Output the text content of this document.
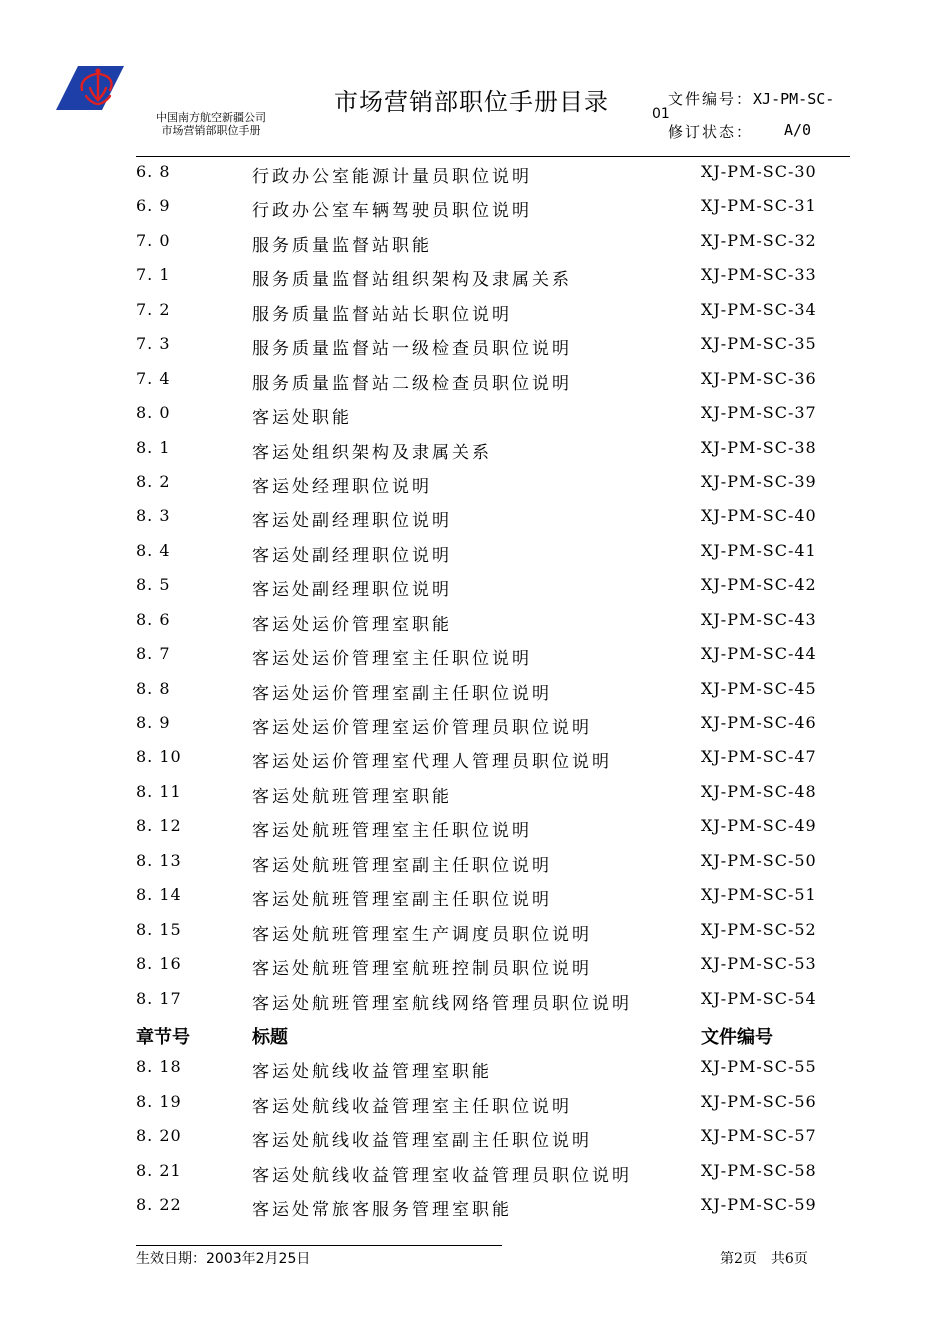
中国南方航空新疆公司
市场营销部职位手册
市场营销部职位手册目录	文件编号：XJ-PM-SC-
01
修订状态： A/0
6. 8	行政办公室能源计量员职位说明	XJ-PM-SC-30
6. 9	行政办公室车辆驾驶员职位说明	XJ-PM-SC-31
7. 0	服务质量监督站职能	XJ-PM-SC-32
7. 1	服务质量监督站组织架构及隶属关系	XJ-PM-SC-33
7. 2	服务质量监督站站长职位说明	XJ-PM-SC-34
7. 3	服务质量监督站一级检查员职位说明	XJ-PM-SC-35
7. 4	服务质量监督站二级检查员职位说明	XJ-PM-SC-36
8. 0	客运处职能	XJ-PM-SC-37
8. 1	客运处组织架构及隶属关系	XJ-PM-SC-38
8. 2	客运处经理职位说明	XJ-PM-SC-39
8. 3	客运处副经理职位说明	XJ-PM-SC-40
8. 4	客运处副经理职位说明	XJ-PM-SC-41
8. 5	客运处副经理职位说明	XJ-PM-SC-42
8. 6	客运处运价管理室职能	XJ-PM-SC-43
8. 7	客运处运价管理室主任职位说明	XJ-PM-SC-44
8. 8	客运处运价管理室副主任职位说明	XJ-PM-SC-45
8. 9	客运处运价管理室运价管理员职位说明	XJ-PM-SC-46
8. 10	客运处运价管理室代理人管理员职位说明	XJ-PM-SC-47
8. 11	客运处航班管理室职能	XJ-PM-SC-48
8. 12	客运处航班管理室主任职位说明	XJ-PM-SC-49
8. 13	客运处航班管理室副主任职位说明	XJ-PM-SC-50
8. 14	客运处航班管理室副主任职位说明	XJ-PM-SC-51
8. 15	客运处航班管理室生产调度员职位说明	XJ-PM-SC-52
8. 16	客运处航班管理室航班控制员职位说明	XJ-PM-SC-53
8. 17	客运处航班管理室航线网络管理员职位说明	XJ-PM-SC-54
章节号	标题	文件编号
8. 18	客运处航线收益管理室职能	XJ-PM-SC-55
8. 19	客运处航线收益管理室主任职位说明	XJ-PM-SC-56
8. 20	客运处航线收益管理室副主任职位说明	XJ-PM-SC-57
8. 21	客运处航线收益管理室收益管理员职位说明	XJ-PM-SC-58
8. 22	客运处常旅客服务管理室职能	XJ-PM-SC-59
生效日期：2003年2月25日	第2页　共6页
